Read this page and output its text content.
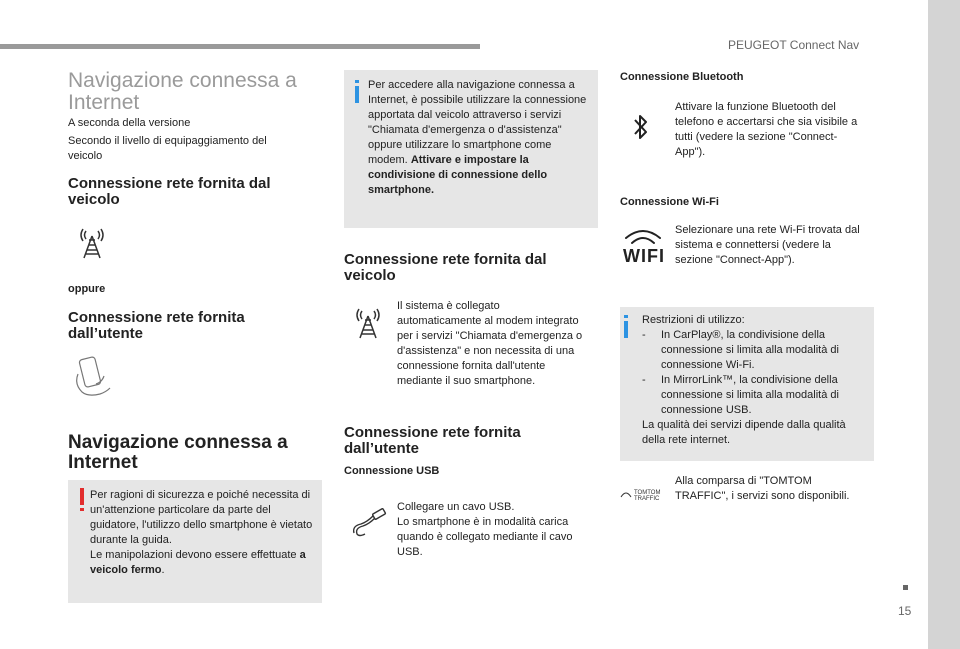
PEUGEOT Connect Nav
15
Navigazione connessa a Internet
A seconda della versione
Secondo il livello di equipaggiamento del veicolo
Connessione rete fornita dal veicolo
oppure
Connessione rete fornita dall’utente
Navigazione connessa a Internet
Per ragioni di sicurezza e poiché necessita di un'attenzione particolare da parte del guidatore, l'utilizzo dello smartphone è vietato durante la guida.
Le manipolazioni devono essere effettuate a veicolo fermo.
Per accedere alla navigazione connessa a Internet, è possibile utilizzare la connessione apportata dal veicolo attraverso i servizi "Chiamata d'emergenza o d'assistenza" oppure utilizzare lo smartphone come modem. Attivare e impostare la condivisione di connessione dello smartphone.
Connessione rete fornita dal veicolo
Il sistema è collegato automaticamente al modem integrato per i servizi "Chiamata d'emergenza o d'assistenza" e non necessita di una connessione fornita dall'utente mediante il suo smartphone.
Connessione rete fornita dall’utente
Connessione USB
Collegare un cavo USB.
Lo smartphone è in modalità carica quando è collegato mediante il cavo USB.
Connessione Bluetooth
Attivare la funzione Bluetooth del telefono e accertarsi che sia visibile a tutti (vedere la sezione "Connect-App").
Connessione Wi-Fi
WIFI
Selezionare una rete Wi-Fi trovata dal sistema e connettersi (vedere la sezione "Connect-App").
Restrizioni di utilizzo:
- In CarPlay®, la condivisione della connessione si limita alla modalità di connessione Wi-Fi.
- In MirrorLink™, la condivisione della connessione si limita alla modalità di connessione USB.
La qualità dei servizi dipende dalla qualità della rete internet.
TOMTOM TRAFFIC
Alla comparsa di "TOMTOM TRAFFIC", i servizi sono disponibili.
